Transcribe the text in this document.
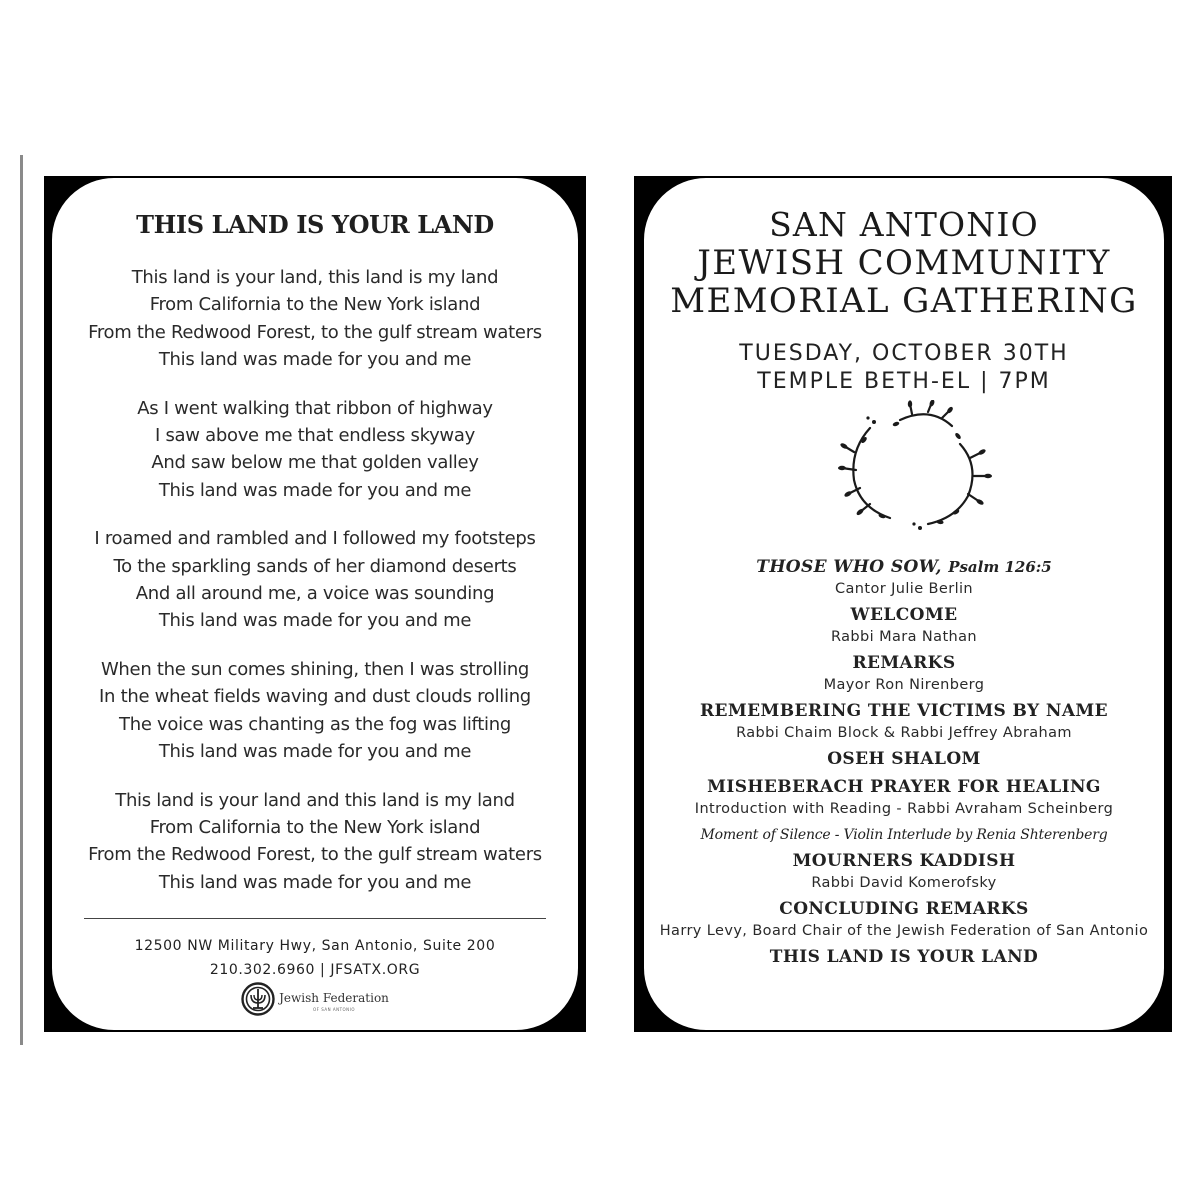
THIS LAND IS YOUR LAND
This land is your land, this land is my land
From California to the New York island
From the Redwood Forest, to the gulf stream waters
This land was made for you and me
As I went walking that ribbon of highway
I saw above me that endless skyway
And saw below me that golden valley
This land was made for you and me
I roamed and rambled and I followed my footsteps
To the sparkling sands of her diamond deserts
And all around me, a voice was sounding
This land was made for you and me
When the sun comes shining, then I was strolling
In the wheat fields waving and dust clouds rolling
The voice was chanting as the fog was lifting
This land was made for you and me
This land is your land and this land is my land
From California to the New York island
From the Redwood Forest, to the gulf stream waters
This land was made for you and me
12500 NW Military Hwy, San Antonio, Suite 200
210.302.6960 | JFSATX.ORG
Jewish Federation
OF SAN ANTONIO
SAN ANTONIO
JEWISH COMMUNITY
MEMORIAL GATHERING
TUESDAY, OCTOBER 30TH
TEMPLE BETH-EL | 7PM
THOSE WHO SOW, Psalm 126:5
Cantor Julie Berlin
WELCOME
Rabbi Mara Nathan
REMARKS
Mayor Ron Nirenberg
REMEMBERING THE VICTIMS BY NAME
Rabbi Chaim Block & Rabbi Jeffrey Abraham
OSEH SHALOM
MISHEBERACH PRAYER FOR HEALING
Introduction with Reading - Rabbi Avraham Scheinberg
Moment of Silence - Violin Interlude by Renia Shterenberg
MOURNERS KADDISH
Rabbi David Komerofsky
CONCLUDING REMARKS
Harry Levy, Board Chair of the Jewish Federation of San Antonio
THIS LAND IS YOUR LAND
